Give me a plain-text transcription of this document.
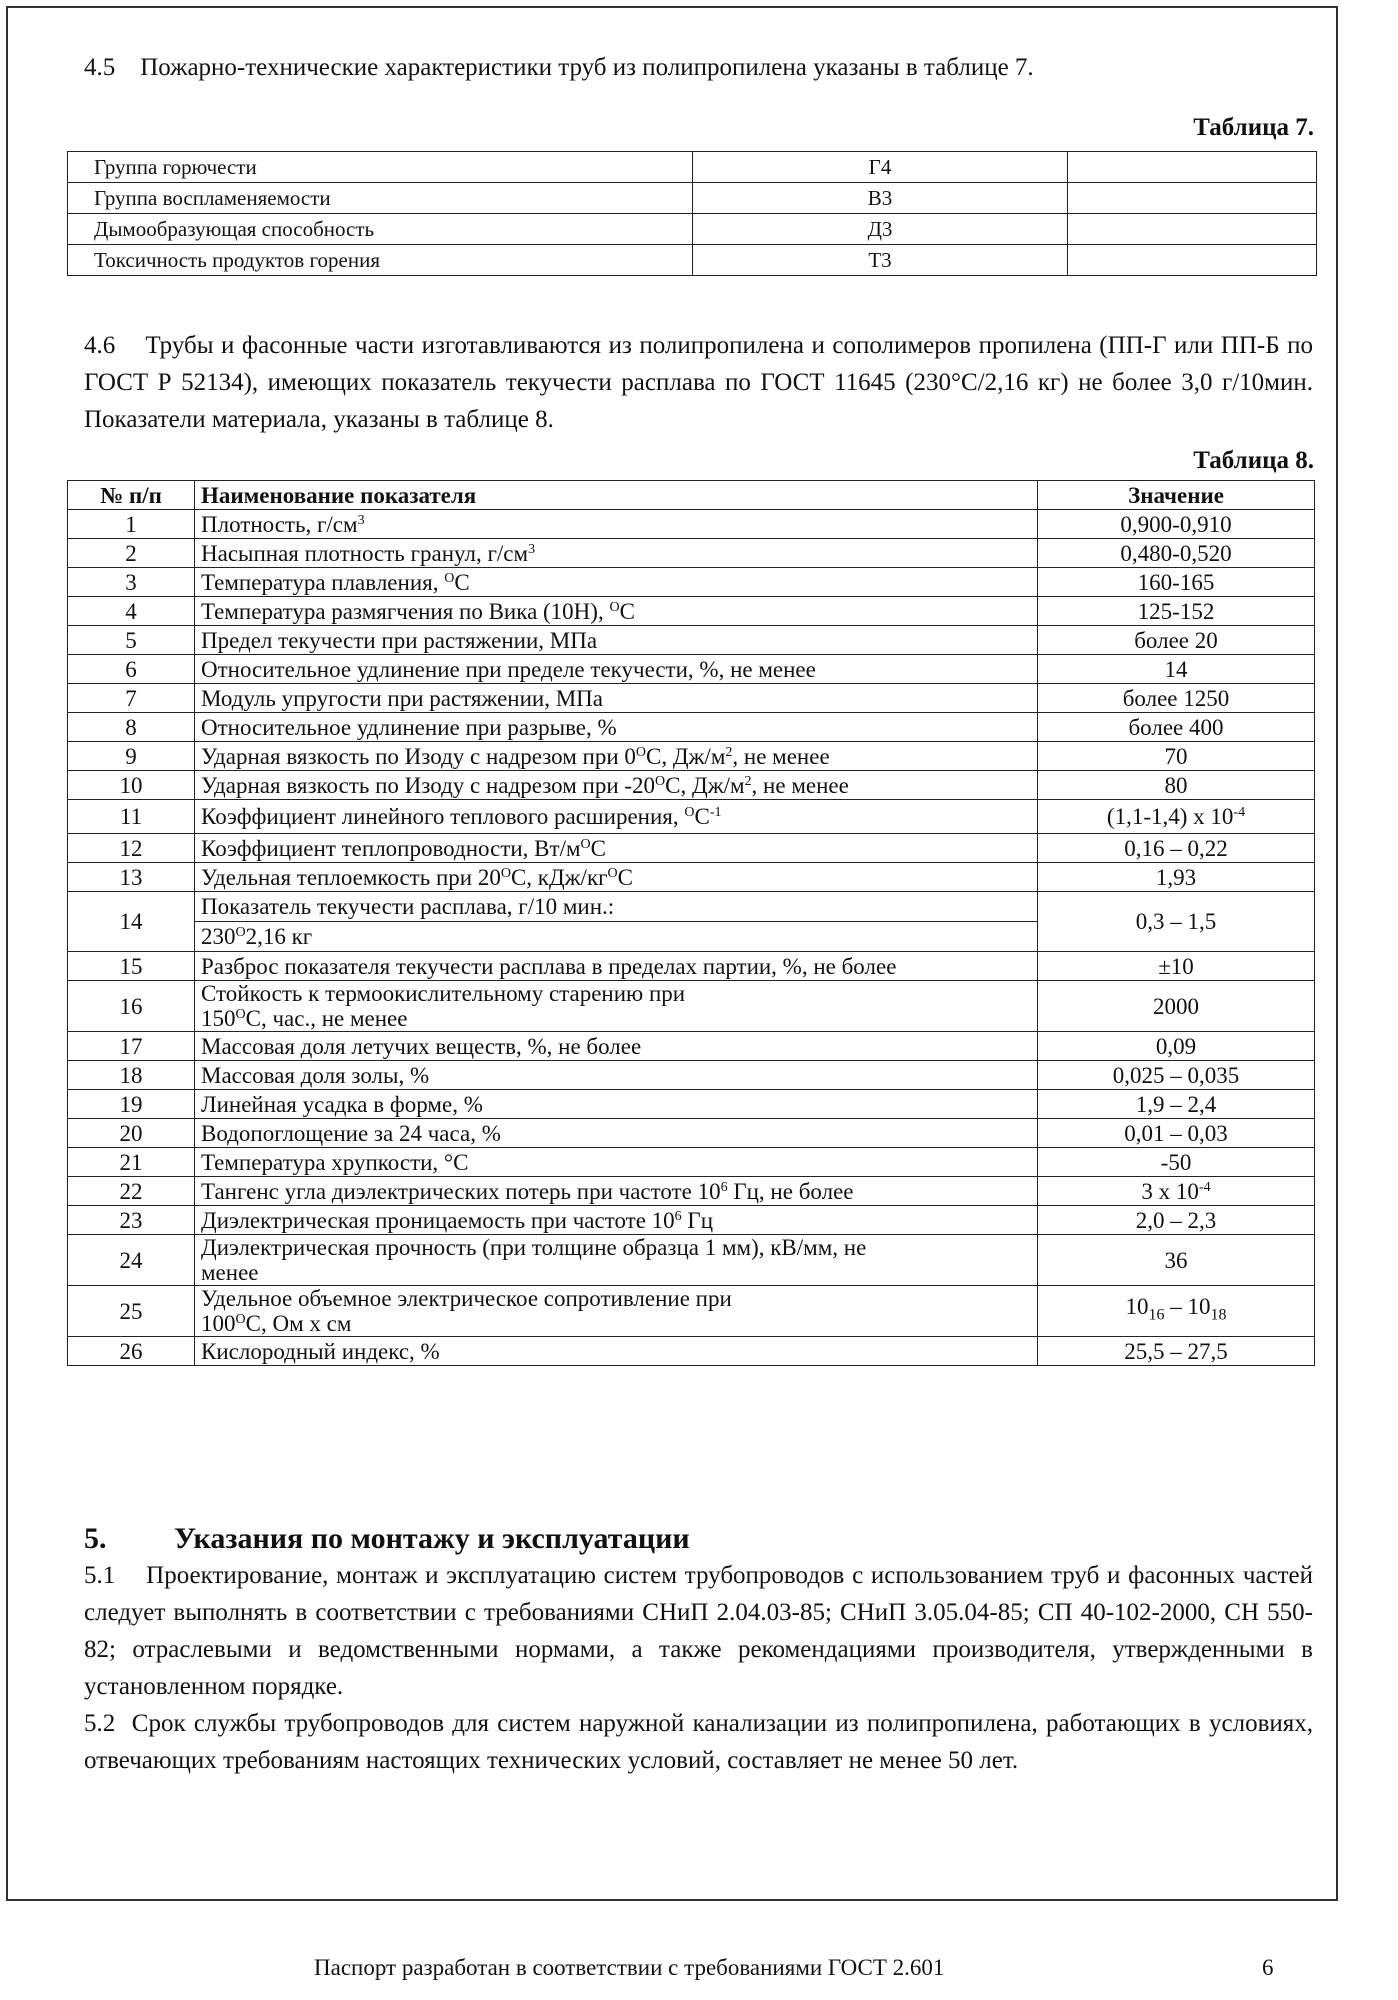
4.5    Пожарно-технические характеристики труб из полипропилена указаны в таблице 7.
Таблица 7.
Группа горючести	Г4	
Группа воспламеняемости	В3	
Дымообразующая способность	Д3	
Токсичность продуктов горения	Т3	
4.6    Трубы и фасонные части изготавливаются из полипропилена и сополимеров пропилена (ПП-Г или ПП-Б по ГОСТ Р 52134), имеющих показатель текучести расплава по ГОСТ 11645 (230°С/2,16 кг) не более 3,0 г/10мин. Показатели материала, указаны в таблице 8.
Таблица 8.
№ п/п	Наименование показателя	Значение
1	Плотность, $г/см^3$	0,900-0,910
2	Насыпная плотность гранул, $г/см^3$	0,480-0,520
3	Температура плавления, $^О$С	160-165
4	Температура размягчения по Вика (10Н), $^О$С	125-152
5	Предел текучести при растяжении, МПа	более 20
6	Относительное удлинение при пределе текучести, %, не менее	14
7	Модуль упругости при растяжении, МПа	более 1250
8	Относительное удлинение при разрыве, %	более 400
9	Ударная вязкость по Изоду с надрезом при $0^ОС$, $Дж/м^2$, не менее	70
10	Ударная вязкость по Изоду с надрезом при $-20^ОС$, $Дж/м^2$, не менее	80
11	Коэффициент линейного теплового расширения, $^ОС^{-1}$	(1,1-1,4) х $10^{-4}$
12	Коэффициент теплопроводности, $Вт/м^ОС$	0,16 – 0,22
13	Удельная теплоемкость при $20^ОС$, кДж/$кг^ОС$	1,93
14	Показатель текучести расплава, г/10 мин.:	0,3 – 1,5
	$230^О2,16$ кг	
15	Разброс показателя текучести расплава в пределах партии, %, не более	±10
16	Стойкость к термоокислительному старению при
$150^ОС$, час., не менее	2000
17	Массовая доля летучих веществ, %, не более	0,09
18	Массовая доля золы, %	0,025 – 0,035
19	Линейная усадка в форме, %	1,9 – 2,4
20	Водопоглощение за 24 часа, %	0,01 – 0,03
21	Температура хрупкости, °С	-50
22	Тангенс угла диэлектрических потерь при частоте $10^6$ Гц, не более	3 х $10^{-4}$
23	Диэлектрическая проницаемость при частоте $10^6$ Гц	2,0 – 2,3
24	Диэлектрическая прочность (при толщине образца 1 мм), кВ/мм, не
менее	36
25	Удельное объемное электрическое сопротивление при
$100^ОС$, Ом х см	$10_{16} - 10_{18}$
26	Кислородный индекс, %	25,5 – 27,5
5. Указания по монтажу и эксплуатации
5.1    Проектирование, монтаж и эксплуатацию систем трубопроводов с использованием труб и фасонных частей следует выполнять в соответствии с требованиями СНиП 2.04.03-85; СНиП 3.05.04-85; СП 40-102-2000, СН 550-82; отраслевыми и ведомственными нормами, а также рекомендациями производителя, утвержденными в установленном порядке.
5.2  Срок службы трубопроводов для систем наружной канализации из полипропилена, работающих в условиях, отвечающих требованиям настоящих технических условий, составляет не менее 50 лет.
Паспорт разработан в соответствии с требованиями ГОСТ 2.601	6
